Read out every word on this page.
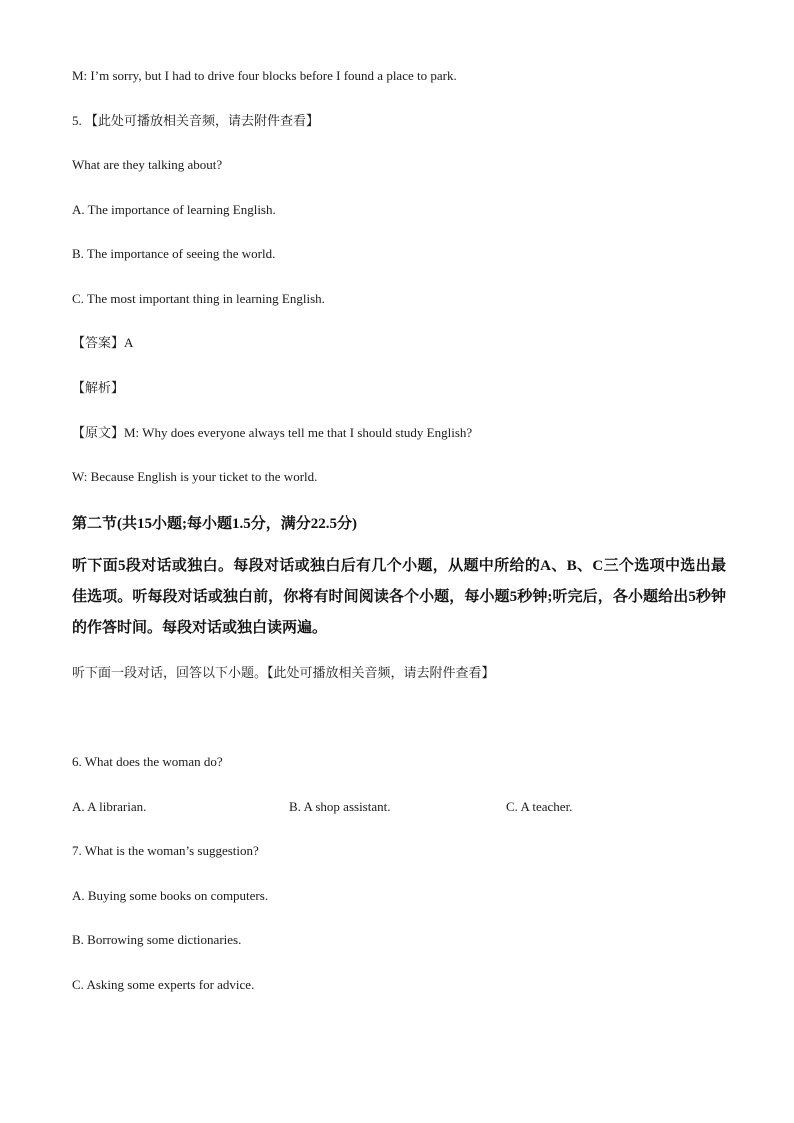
M: I’m sorry, but I had to drive four blocks before I found a place to park.

5. 【此处可播放相关音频，请去附件查看】

What are they talking about?

A. The importance of learning English.

B. The importance of seeing the world.

C. The most important thing in learning English.

【答案】A

【解析】

【原文】M: Why does everyone always tell me that I should study English?

W: Because English is your ticket to the world.

第二节(共15小题;每小题1.5分，满分22.5分)

听下面5段对话或独白。每段对话或独白后有几个小题，从题中所给的A、B、C三个选项中选出最佳选项。听每段对话或独白前，你将有时间阅读各个小题，每小题5秒钟;听完后，各小题给出5秒钟的作答时间。每段对话或独白读两遍。

听下面一段对话，回答以下小题。【此处可播放相关音频，请去附件查看】

6. What does the woman do?

A. A librarian.	B. A shop assistant.	C. A teacher.

7. What is the woman’s suggestion?

A. Buying some books on computers.

B. Borrowing some dictionaries.

C. Asking some experts for advice.
